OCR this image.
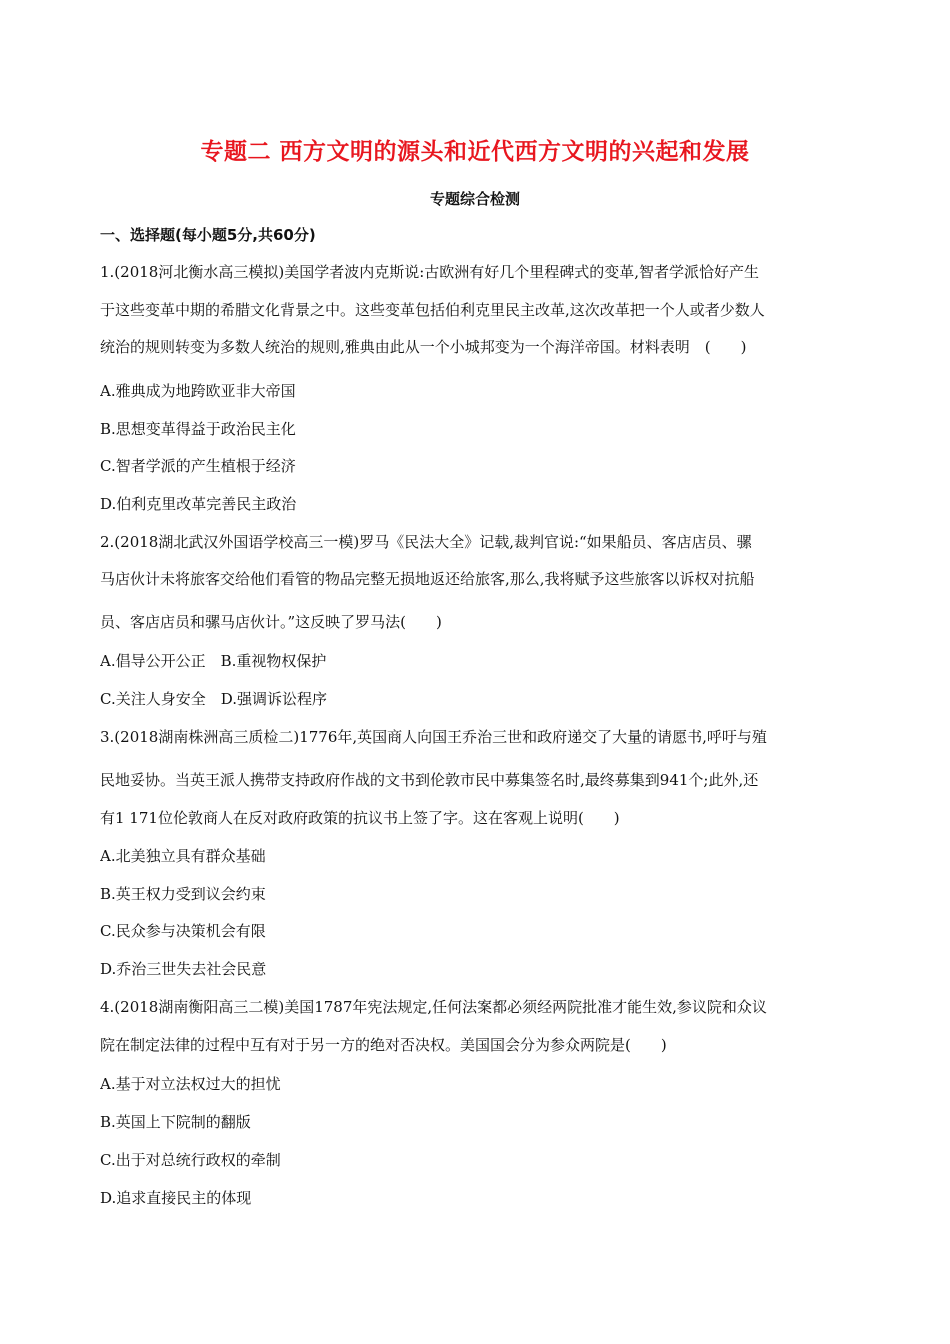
专题二 西方文明的源头和近代西方文明的兴起和发展
专题综合检测
一、选择题(每小题5分,共60分)
1.(2018河北衡水高三模拟)美国学者波内克斯说:古欧洲有好几个里程碑式的变革,智者学派恰好产生
于这些变革中期的希腊文化背景之中。这些变革包括伯利克里民主改革,这次改革把一个人或者少数人
统治的规则转变为多数人统治的规则,雅典由此从一个小城邦变为一个海洋帝国。材料表明　(　　)
A.雅典成为地跨欧亚非大帝国
B.思想变革得益于政治民主化
C.智者学派的产生植根于经济
D.伯利克里改革完善民主政治
2.(2018湖北武汉外国语学校高三一模)罗马《民法大全》记载,裁判官说:“如果船员、客店店员、骡
马店伙计未将旅客交给他们看管的物品完整无损地返还给旅客,那么,我将赋予这些旅客以诉权对抗船
员、客店店员和骡马店伙计。”这反映了罗马法(　　)
A.倡导公开公正　B.重视物权保护
C.关注人身安全　D.强调诉讼程序
3.(2018湖南株洲高三质检二)1776年,英国商人向国王乔治三世和政府递交了大量的请愿书,呼吁与殖
民地妥协。当英王派人携带支持政府作战的文书到伦敦市民中募集签名时,最终募集到941个;此外,还
有1 171位伦敦商人在反对政府政策的抗议书上签了字。这在客观上说明(　　)
A.北美独立具有群众基础
B.英王权力受到议会约束
C.民众参与决策机会有限
D.乔治三世失去社会民意
4.(2018湖南衡阳高三二模)美国1787年宪法规定,任何法案都必须经两院批准才能生效,参议院和众议
院在制定法律的过程中互有对于另一方的绝对否决权。美国国会分为参众两院是(　　)
A.基于对立法权过大的担忧
B.英国上下院制的翻版
C.出于对总统行政权的牵制
D.追求直接民主的体现
